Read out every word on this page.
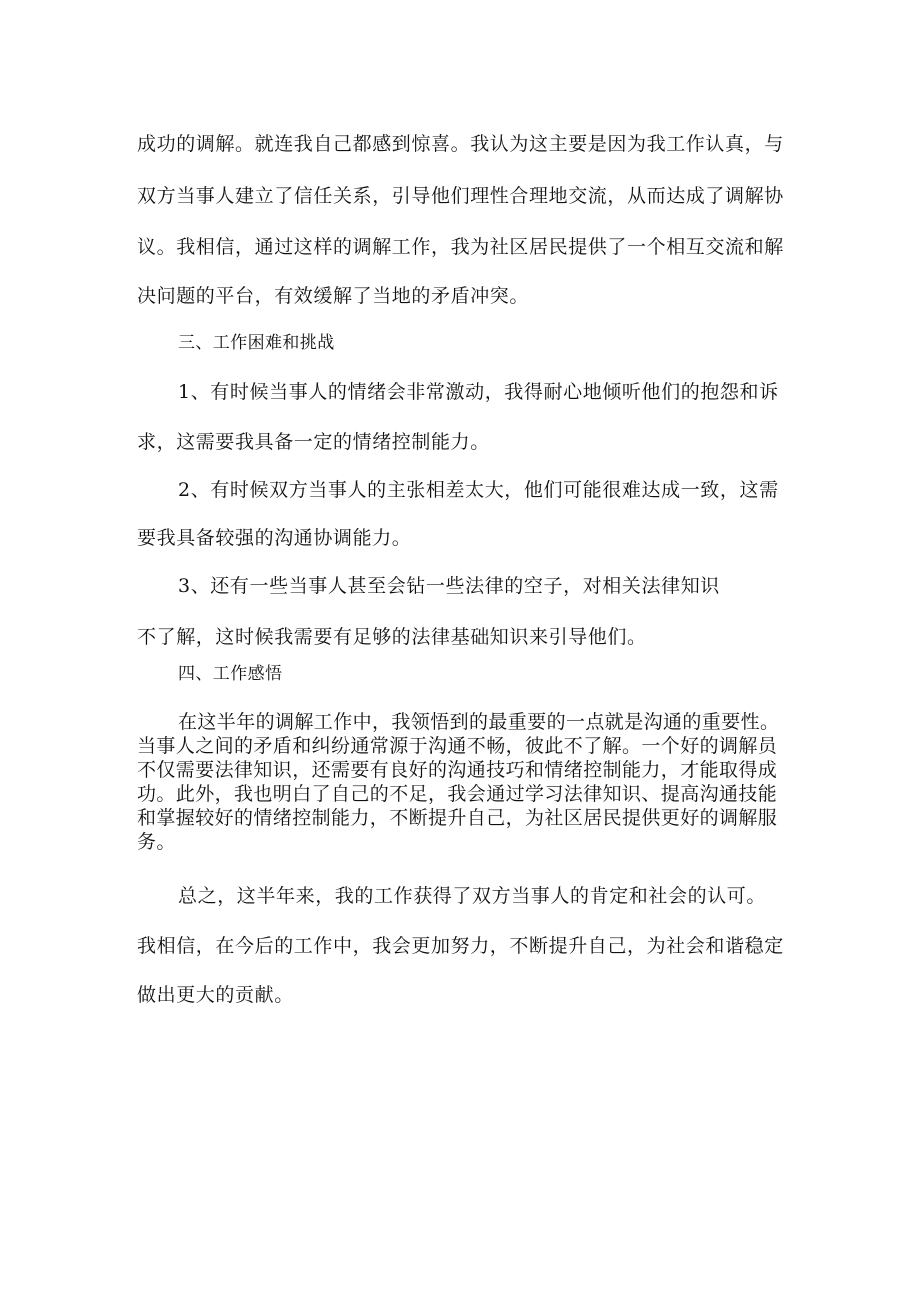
成功的调解。就连我自己都感到惊喜。我认为这主要是因为我工作认真，与
双方当事人建立了信任关系，引导他们理性合理地交流，从而达成了调解协
议。我相信，通过这样的调解工作，我为社区居民提供了一个相互交流和解
决问题的平台，有效缓解了当地的矛盾冲突。
三、工作困难和挑战
1、有时候当事人的情绪会非常激动，我得耐心地倾听他们的抱怨和诉
求，这需要我具备一定的情绪控制能力。
2、有时候双方当事人的主张相差太大，他们可能很难达成一致，这需
要我具备较强的沟通协调能力。
3、还有一些当事人甚至会钻一些法律的空子，对相关法律知识
不了解，这时候我需要有足够的法律基础知识来引导他们。
四、工作感悟
在这半年的调解工作中，我领悟到的最重要的一点就是沟通的重要性。
当事人之间的矛盾和纠纷通常源于沟通不畅，彼此不了解。一个好的调解员
不仅需要法律知识，还需要有良好的沟通技巧和情绪控制能力，才能取得成
功。此外，我也明白了自己的不足，我会通过学习法律知识、提高沟通技能
和掌握较好的情绪控制能力，不断提升自己，为社区居民提供更好的调解服
务。
总之，这半年来，我的工作获得了双方当事人的肯定和社会的认可。
我相信，在今后的工作中，我会更加努力，不断提升自己，为社会和谐稳定
做出更大的贡献。
